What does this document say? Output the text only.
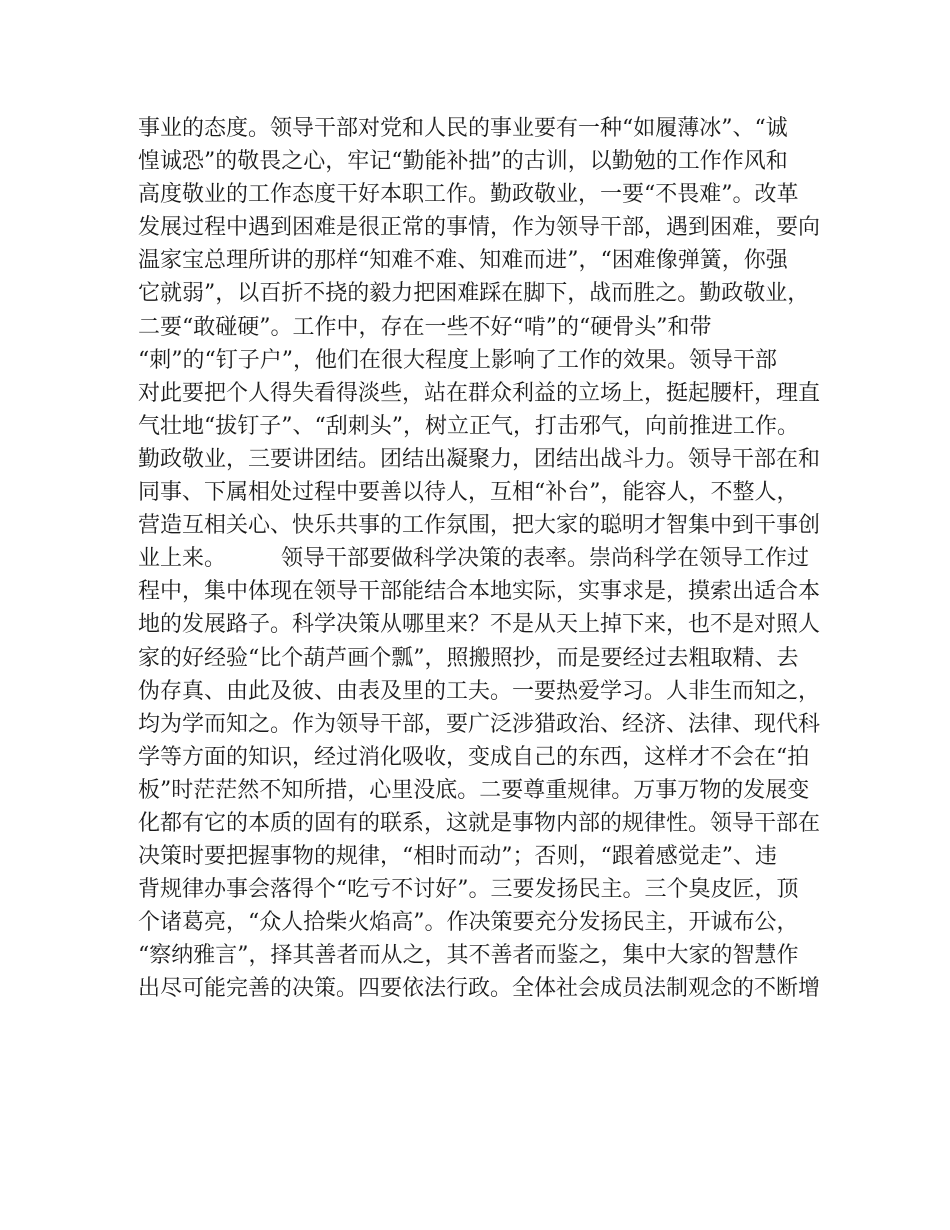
事业的态度。领导干部对党和人民的事业要有一种“如履薄冰”、“诚
惶诚恐”的敬畏之心，牢记“勤能补拙”的古训，以勤勉的工作作风和
高度敬业的工作态度干好本职工作。勤政敬业，一要“不畏难”。改革
发展过程中遇到困难是很正常的事情，作为领导干部，遇到困难，要向
温家宝总理所讲的那样“知难不难、知难而进”，“困难像弹簧，你强
它就弱”，以百折不挠的毅力把困难踩在脚下，战而胜之。勤政敬业，
二要“敢碰硬”。工作中，存在一些不好“啃”的“硬骨头”和带
“刺”的“钉子户”，他们在很大程度上影响了工作的效果。领导干部
对此要把个人得失看得淡些，站在群众利益的立场上，挺起腰杆，理直
气壮地“拔钉子”、“刮刺头”，树立正气，打击邪气，向前推进工作。
勤政敬业，三要讲团结。团结出凝聚力，团结出战斗力。领导干部在和
同事、下属相处过程中要善以待人，互相“补台”，能容人，不整人，
营造互相关心、快乐共事的工作氛围，把大家的聪明才智集中到干事创
业上来。　　　领导干部要做科学决策的表率。崇尚科学在领导工作过
程中，集中体现在领导干部能结合本地实际，实事求是，摸索出适合本
地的发展路子。科学决策从哪里来？不是从天上掉下来，也不是对照人
家的好经验“比个葫芦画个瓢”，照搬照抄，而是要经过去粗取精、去
伪存真、由此及彼、由表及里的工夫。一要热爱学习。人非生而知之，
均为学而知之。作为领导干部，要广泛涉猎政治、经济、法律、现代科
学等方面的知识，经过消化吸收，变成自己的东西，这样才不会在“拍
板”时茫茫然不知所措，心里没底。二要尊重规律。万事万物的发展变
化都有它的本质的固有的联系，这就是事物内部的规律性。领导干部在
决策时要把握事物的规律，“相时而动”；否则，“跟着感觉走”、违
背规律办事会落得个“吃亏不讨好”。三要发扬民主。三个臭皮匠，顶
个诸葛亮，“众人拾柴火焰高”。作决策要充分发扬民主，开诚布公，
“察纳雅言”，择其善者而从之，其不善者而鉴之，集中大家的智慧作
出尽可能完善的决策。四要依法行政。全体社会成员法制观念的不断增
